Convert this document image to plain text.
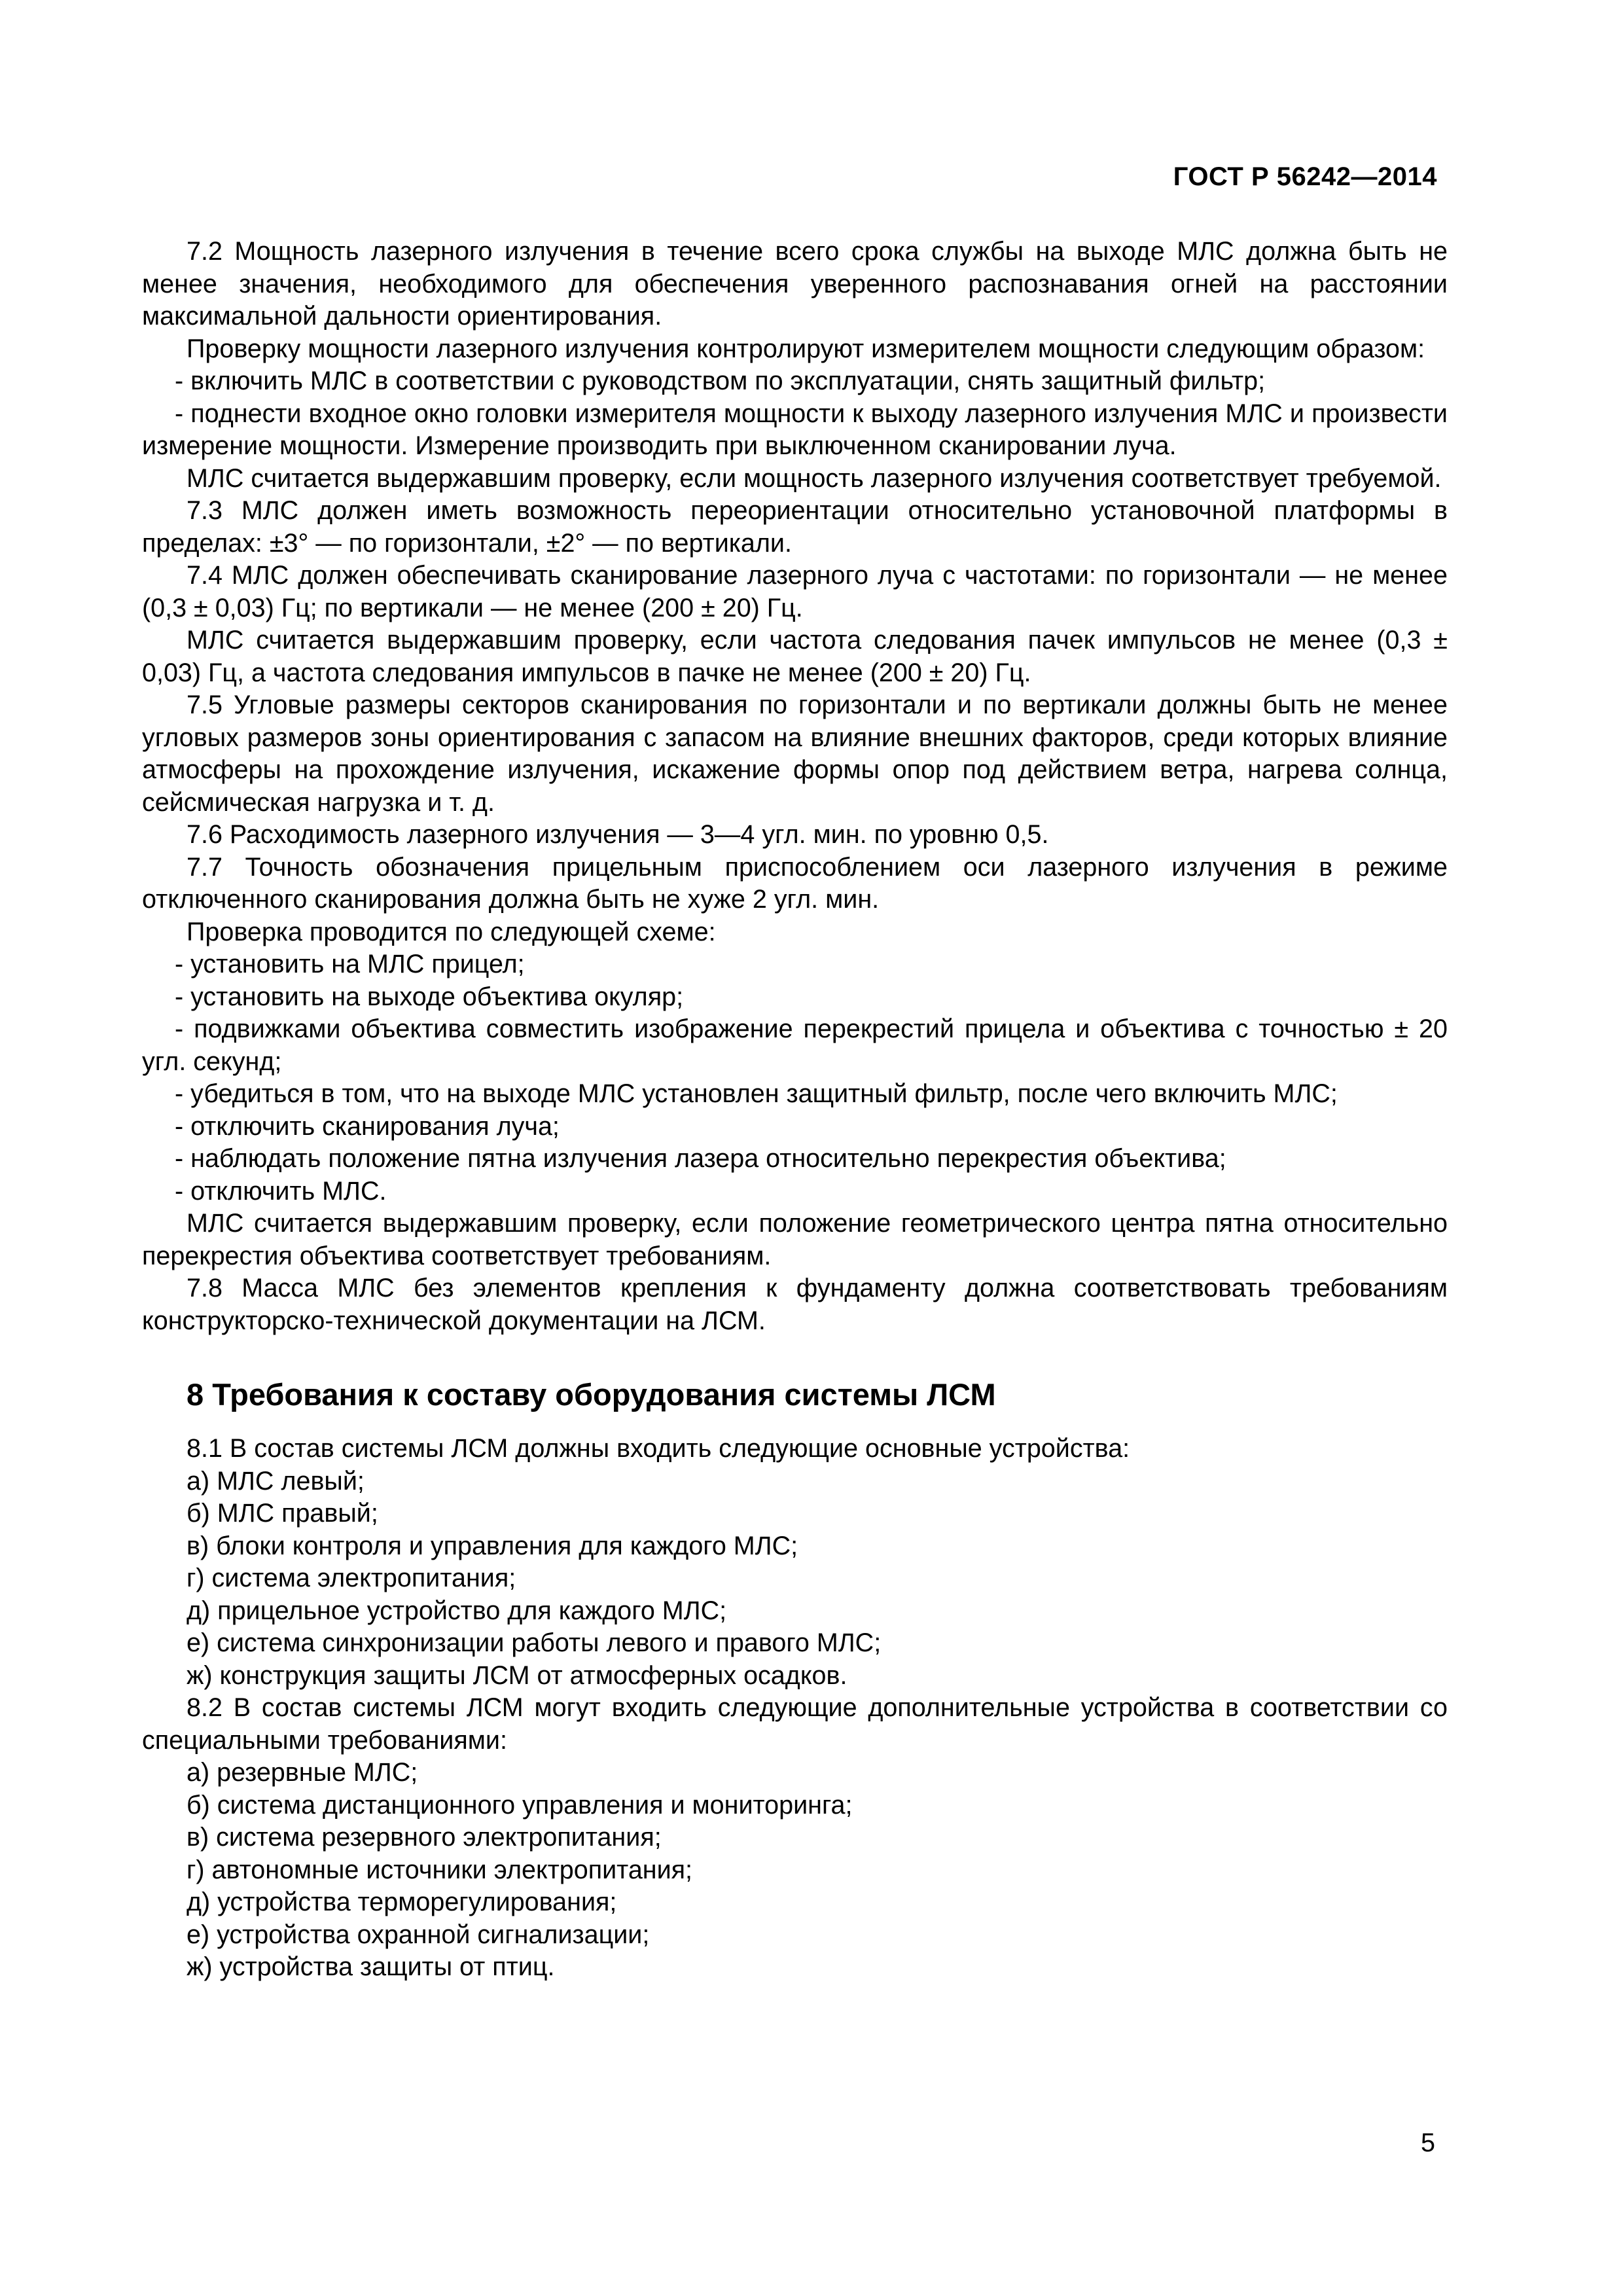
ГОСТ Р 56242—2014

7.2 Мощность лазерного излучения в течение всего срока службы на выходе МЛС должна быть не менее значения, необходимого для обеспечения уверенного распознавания огней на расстоянии максимальной дальности ориентирования.

Проверку мощности лазерного излучения контролируют измерителем мощности следующим образом:

- включить МЛС в соответствии с руководством по эксплуатации, снять защитный фильтр;

- поднести входное окно головки измерителя мощности к выходу лазерного излучения МЛС и произвести измерение мощности. Измерение производить при выключенном сканировании луча.

МЛС считается выдержавшим проверку, если мощность лазерного излучения соответствует требуемой.

7.3 МЛС должен иметь возможность переориентации относительно установочной платформы в пределах: ±3° — по горизонтали, ±2° — по вертикали.

7.4 МЛС должен обеспечивать сканирование лазерного луча с частотами: по горизонтали — не менее (0,3 ± 0,03) Гц; по вертикали — не менее (200 ± 20) Гц.

МЛС считается выдержавшим проверку, если частота следования пачек импульсов не менее (0,3 ± 0,03) Гц, а частота следования импульсов в пачке не менее (200 ± 20) Гц.

7.5 Угловые размеры секторов сканирования по горизонтали и по вертикали должны быть не менее угловых размеров зоны ориентирования с запасом на влияние внешних факторов, среди которых влияние атмосферы на прохождение излучения, искажение формы опор под действием ветра, нагрева солнца, сейсмическая нагрузка и т. д.

7.6 Расходимость лазерного излучения — 3—4 угл. мин. по уровню 0,5.

7.7 Точность обозначения прицельным приспособлением оси лазерного излучения в режиме отключенного сканирования должна быть не хуже 2 угл. мин.

Проверка проводится по следующей схеме:

- установить на МЛС прицел;

- установить на выходе объектива окуляр;

- подвижками объектива совместить изображение перекрестий прицела и объектива с точностью ± 20 угл. секунд;

- убедиться в том, что на выходе МЛС установлен защитный фильтр, после чего включить МЛС;

- отключить сканирования луча;

- наблюдать положение пятна излучения лазера относительно перекрестия объектива;

- отключить МЛС.

МЛС считается выдержавшим проверку, если положение геометрического центра пятна относительно перекрестия объектива соответствует требованиям.

7.8 Масса МЛС без элементов крепления к фундаменту должна соответствовать требованиям конструкторско-технической документации на ЛСМ.

8 Требования к составу оборудования системы ЛСМ

8.1 В состав системы ЛСМ должны входить следующие основные устройства:

а) МЛС левый;

б) МЛС правый;

в) блоки контроля и управления для каждого МЛС;

г) система электропитания;

д) прицельное устройство для каждого МЛС;

е) система синхронизации работы левого и правого МЛС;

ж) конструкция защиты ЛСМ от атмосферных осадков.

8.2 В состав системы ЛСМ могут входить следующие дополнительные устройства в соответствии со специальными требованиями:

а) резервные МЛС;

б) система дистанционного управления и мониторинга;

в) система резервного электропитания;

г) автономные источники электропитания;

д) устройства терморегулирования;

е) устройства охранной сигнализации;

ж) устройства защиты от птиц.

5
